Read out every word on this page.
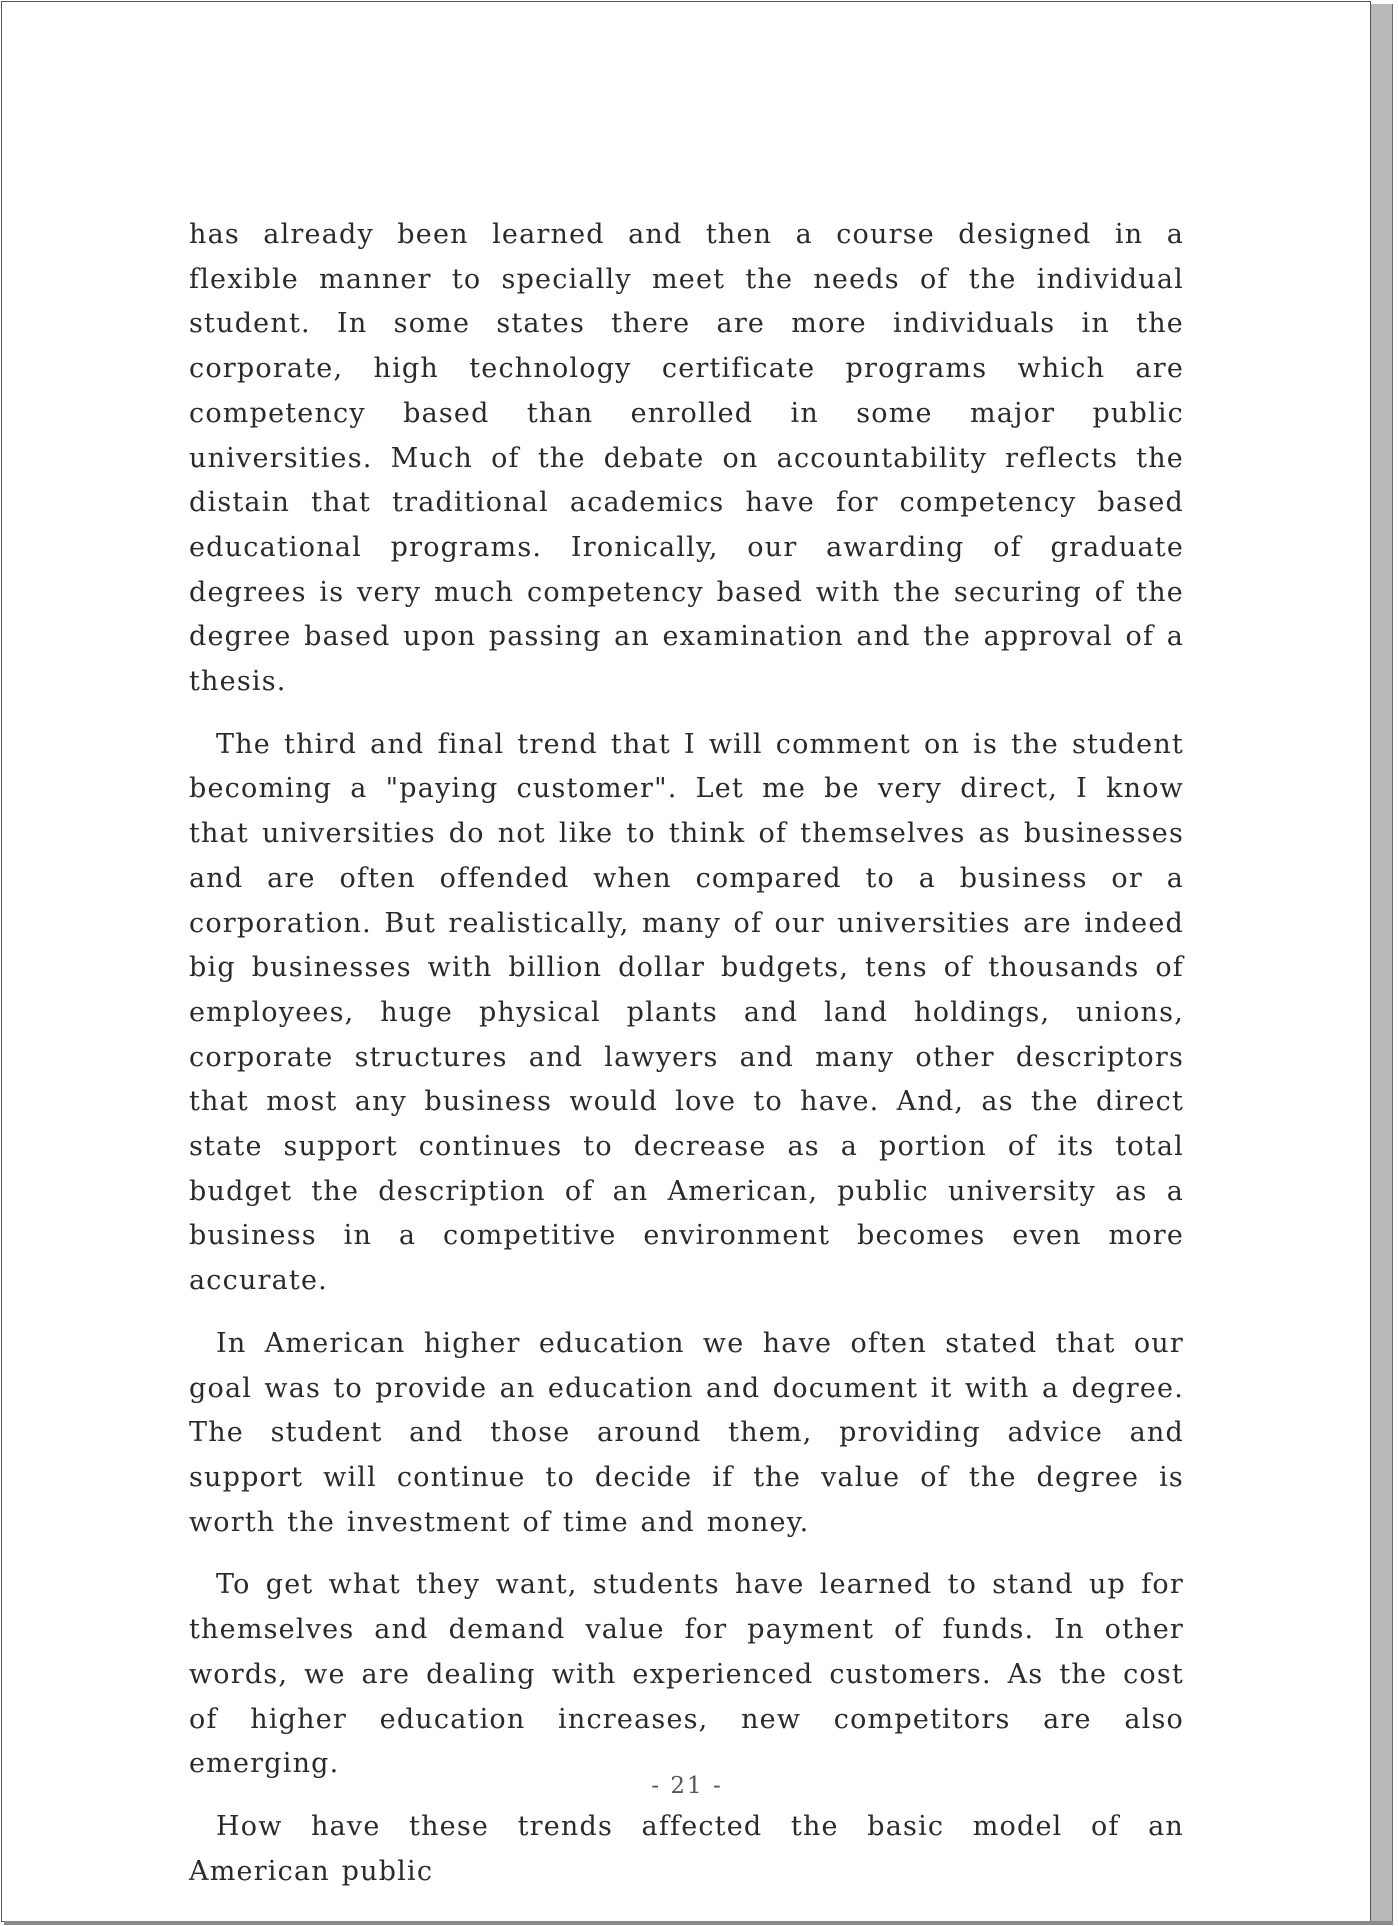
has already been learned and then a course designed in a flexible manner to specially meet the needs of the individual student. In some states there are more individuals in the corporate, high technology certificate programs which are competency based than enrolled in some major public universities. Much of the debate on accountability reflects the distain that traditional academics have for competency based educational programs. Ironically, our awarding of graduate degrees is very much competency based with the securing of the degree based upon passing an examination and the approval of a thesis.

The third and final trend that I will comment on is the student becoming a "paying customer". Let me be very direct, I know that universities do not like to think of themselves as businesses and are often offended when compared to a business or a corporation. But realistically, many of our universities are indeed big businesses with billion dollar budgets, tens of thousands of employees, huge physical plants and land holdings, unions, corporate structures and lawyers and many other descriptors that most any business would love to have. And, as the direct state support continues to decrease as a portion of its total budget the description of an American, public university as a business in a competitive environment becomes even more accurate.

In American higher education we have often stated that our goal was to provide an education and document it with a degree. The student and those around them, providing advice and support will continue to decide if the value of the degree is worth the investment of time and money.

To get what they want, students have learned to stand up for themselves and demand value for payment of funds. In other words, we are dealing with experienced customers. As the cost of higher education increases, new competitors are also emerging.

How have these trends affected the basic model of an American public

- 21 -
